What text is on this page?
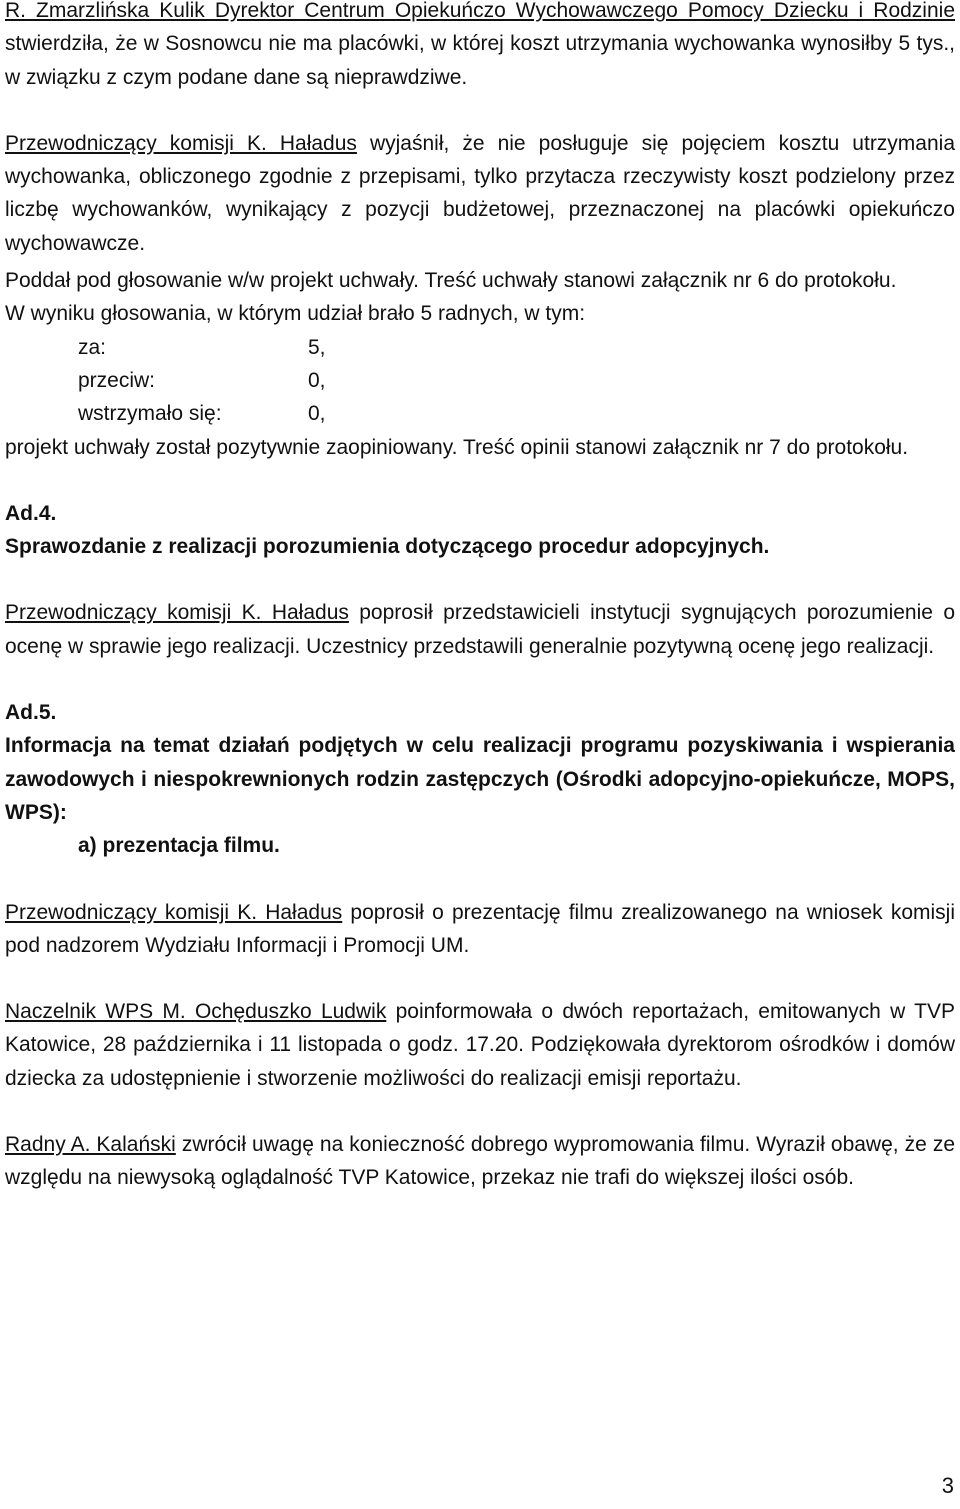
R. Zmarzlińska Kulik Dyrektor Centrum Opiekuńczo Wychowawczego Pomocy Dziecku i Rodzinie stwierdziła, że w Sosnowcu nie ma placówki, w której koszt utrzymania wychowanka wynosiłby 5 tys., w związku z czym podane dane są nieprawdziwe.

Przewodniczący komisji K. Haładus wyjaśnił, że nie posługuje się pojęciem kosztu utrzymania wychowanka, obliczonego zgodnie z przepisami, tylko przytacza rzeczywisty koszt podzielony przez liczbę wychowanków, wynikający z pozycji budżetowej, przeznaczonej na placówki opiekuńczo wychowawcze.

Poddał pod głosowanie w/w projekt uchwały. Treść uchwały stanowi załącznik nr 6 do protokołu.

W wyniku głosowania, w którym udział brało 5 radnych, w tym:

za:	5,
przeciw:	0,
wstrzymało się:	0,

projekt uchwały został pozytywnie zaopiniowany. Treść opinii stanowi załącznik nr 7 do protokołu.

Ad.4.

Sprawozdanie z realizacji porozumienia dotyczącego procedur adopcyjnych.

Przewodniczący komisji K. Haładus poprosił przedstawicieli instytucji sygnujących porozumienie o ocenę w sprawie jego realizacji. Uczestnicy przedstawili generalnie pozytywną ocenę jego realizacji.

Ad.5.

Informacja na temat działań podjętych w celu realizacji programu pozyskiwania i wspierania zawodowych i niespokrewnionych rodzin zastępczych (Ośrodki adopcyjno-opiekuńcze, MOPS, WPS):

a) prezentacja filmu.

Przewodniczący komisji K. Haładus poprosił o prezentację filmu zrealizowanego na wniosek komisji pod nadzorem Wydziału Informacji i Promocji UM.

Naczelnik WPS M. Ochęduszko Ludwik poinformowała o dwóch reportażach, emitowanych w TVP Katowice, 28 października i 11 listopada o godz. 17.20. Podziękowała dyrektorom ośrodków i domów dziecka za udostępnienie i stworzenie możliwości do realizacji emisji reportażu.

Radny A. Kalański zwrócił uwagę na konieczność dobrego wypromowania filmu. Wyraził obawę, że ze względu na niewysoką oglądalność TVP Katowice, przekaz nie trafi do większej ilości osób.

3
